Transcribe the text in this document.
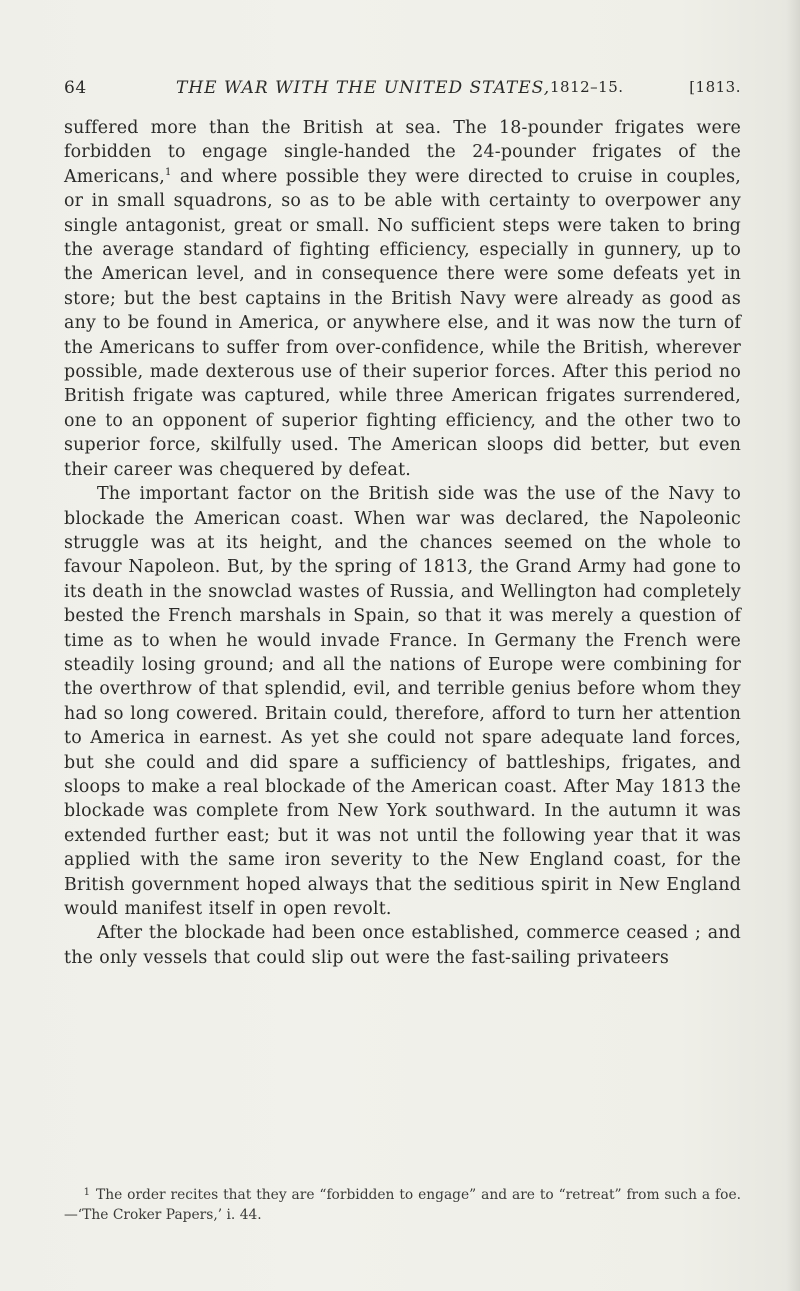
64	THE WAR WITH THE UNITED STATES, 1812–15.	[1813.

suffered more than the British at sea. The 18-pounder frigates were forbidden to engage single-handed the 24-pounder frigates of the Americans,$^1$ and where possible they were directed to cruise in couples, or in small squadrons, so as to be able with certainty to overpower any single antagonist, great or small. No sufficient steps were taken to bring the average standard of fighting efficiency, especially in gunnery, up to the American level, and in consequence there were some defeats yet in store; but the best captains in the British Navy were already as good as any to be found in America, or anywhere else, and it was now the turn of the Americans to suffer from over-confidence, while the British, wherever possible, made dexterous use of their superior forces. After this period no British frigate was captured, while three American frigates surrendered, one to an opponent of superior fighting efficiency, and the other two to superior force, skilfully used. The American sloops did better, but even their career was chequered by defeat.

The important factor on the British side was the use of the Navy to blockade the American coast. When war was declared, the Napoleonic struggle was at its height, and the chances seemed on the whole to favour Napoleon. But, by the spring of 1813, the Grand Army had gone to its death in the snowclad wastes of Russia, and Wellington had completely bested the French marshals in Spain, so that it was merely a question of time as to when he would invade France. In Germany the French were steadily losing ground; and all the nations of Europe were combining for the overthrow of that splendid, evil, and terrible genius before whom they had so long cowered. Britain could, therefore, afford to turn her attention to America in earnest. As yet she could not spare adequate land forces, but she could and did spare a sufficiency of battleships, frigates, and sloops to make a real blockade of the American coast. After May 1813 the blockade was complete from New York southward. In the autumn it was extended further east; but it was not until the following year that it was applied with the same iron severity to the New England coast, for the British government hoped always that the seditious spirit in New England would manifest itself in open revolt.

After the blockade had been once established, commerce ceased ; and the only vessels that could slip out were the fast-sailing privateers

1 The order recites that they are “forbidden to engage” and are to “retreat” from such a foe.—‘The Croker Papers,’ i. 44.
